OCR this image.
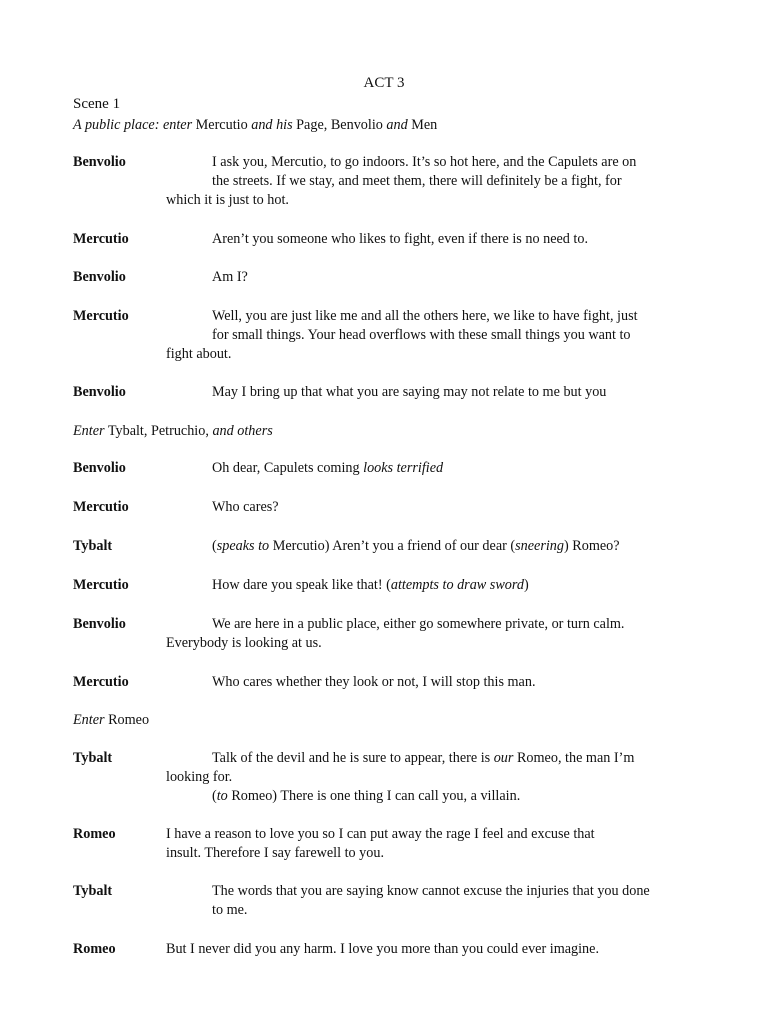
ACT 3
Scene 1
A public place: enter Mercutio and his Page, Benvolio and Men
Benvolio	I ask you, Mercutio, to go indoors. It’s so hot here, and the Capulets are on
the streets. If we stay, and meet them, there will definitely be a fight, for
which it is just to hot.
Mercutio	Aren’t you someone who likes to fight, even if there is no need to.
Benvolio	Am I?
Mercutio	Well, you are just like me and all the others here, we like to have fight, just
for small things. Your head overflows with these small things you want to
fight about.
Benvolio	May I bring up that what you are saying may not relate to me but you
Enter Tybalt, Petruchio, and others
Benvolio	Oh dear, Capulets coming looks terrified
Mercutio	Who cares?
Tybalt	(speaks to Mercutio) Aren’t you a friend of our dear (sneering) Romeo?
Mercutio	How dare you speak like that! (attempts to draw sword)
Benvolio	We are here in a public place, either go somewhere private, or turn calm.
Everybody is looking at us.
Mercutio	Who cares whether they look or not, I will stop this man.
Enter Romeo
Tybalt	Talk of the devil and he is sure to appear, there is our Romeo, the man I’m
looking for.
(to Romeo) There is one thing I can call you, a villain.
Romeo	I have a reason to love you so I can put away the rage I feel and excuse that
insult. Therefore I say farewell to you.
Tybalt	The words that you are saying know cannot excuse the injuries that you done
to me.
Romeo	But I never did you any harm. I love you more than you could ever imagine.
